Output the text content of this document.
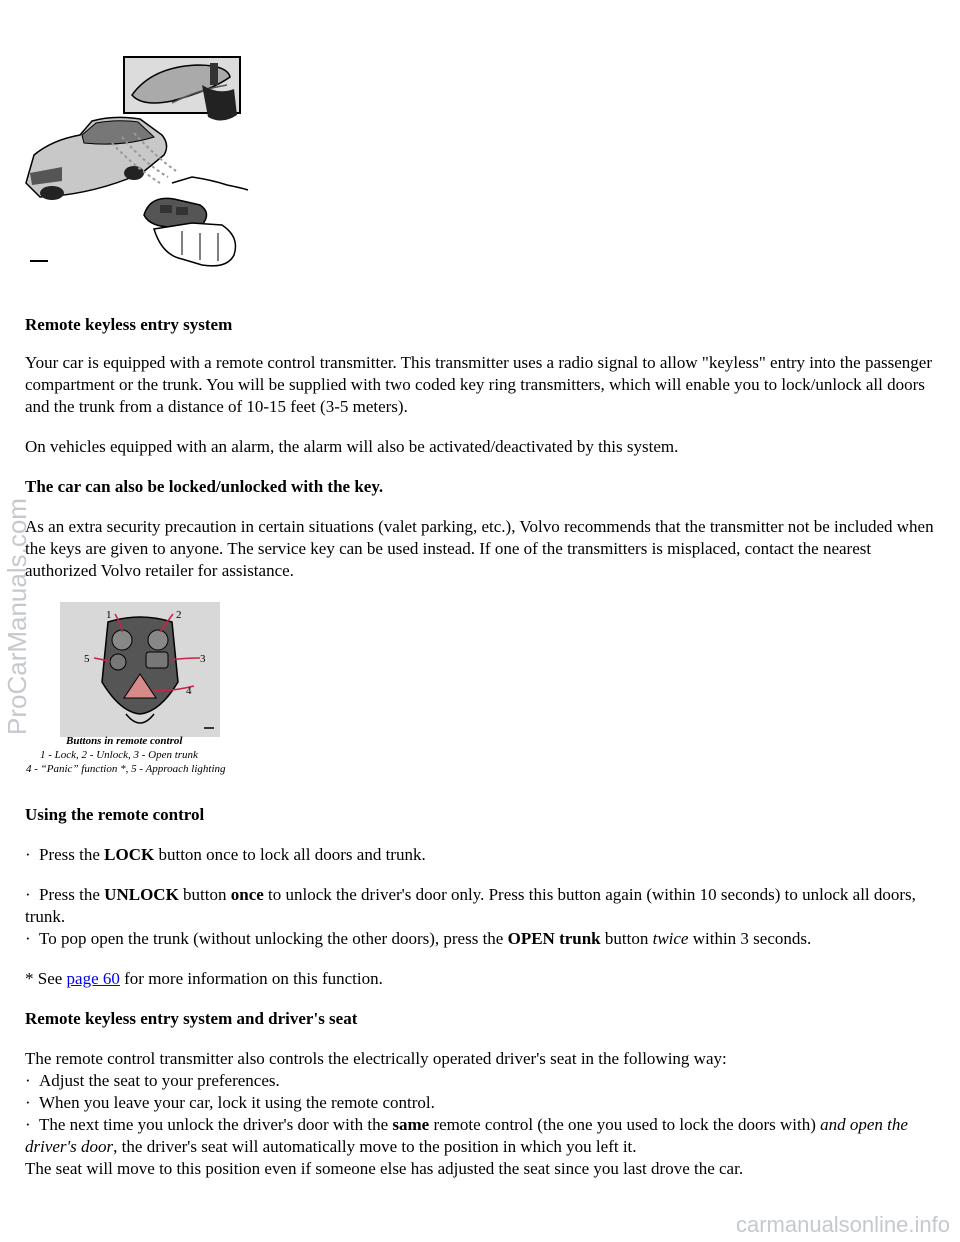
Remote keyless entry system

Your car is equipped with a remote control transmitter. This transmitter uses a radio signal to allow "keyless" entry into the passenger compartment or the trunk. You will be supplied with two coded key ring transmitters, which will enable you to lock/unlock all doors and the trunk from a distance of 10-15 feet (3-5 meters).

On vehicles equipped with an alarm, the alarm will also be activated/deactivated by this system.

The car can also be locked/unlocked with the key.

As an extra security precaution in certain situations (valet parking, etc.), Volvo recommends that the transmitter not be included when the keys are given to anyone. The service key can be used instead. If one of the transmitters is misplaced, contact the nearest authorized Volvo retailer for assistance.

1	2
3
4
5
Buttons in remote control
1 - Lock, 2 - Unlock, 3 - Open trunk
4 - “Panic” function *, 5 - Approach lighting

Using the remote control

· Press the LOCK button once to lock all doors and trunk.

· Press the UNLOCK button once to unlock the driver's door only. Press this button again (within 10 seconds) to unlock all doors, trunk.

· To pop open the trunk (without unlocking the other doors), press the OPEN trunk button twice within 3 seconds.

* See page 60 for more information on this function.

Remote keyless entry system and driver's seat

The remote control transmitter also controls the electrically operated driver's seat in the following way:
· Adjust the seat to your preferences.
· When you leave your car, lock it using the remote control.
· The next time you unlock the driver's door with the same remote control (the one you used to lock the doors with) and open the driver's door, the driver's seat will automatically move to the position in which you left it.
The seat will move to this position even if someone else has adjusted the seat since you last drove the car.
ProCarManuals.com
carmanualsonline.info
